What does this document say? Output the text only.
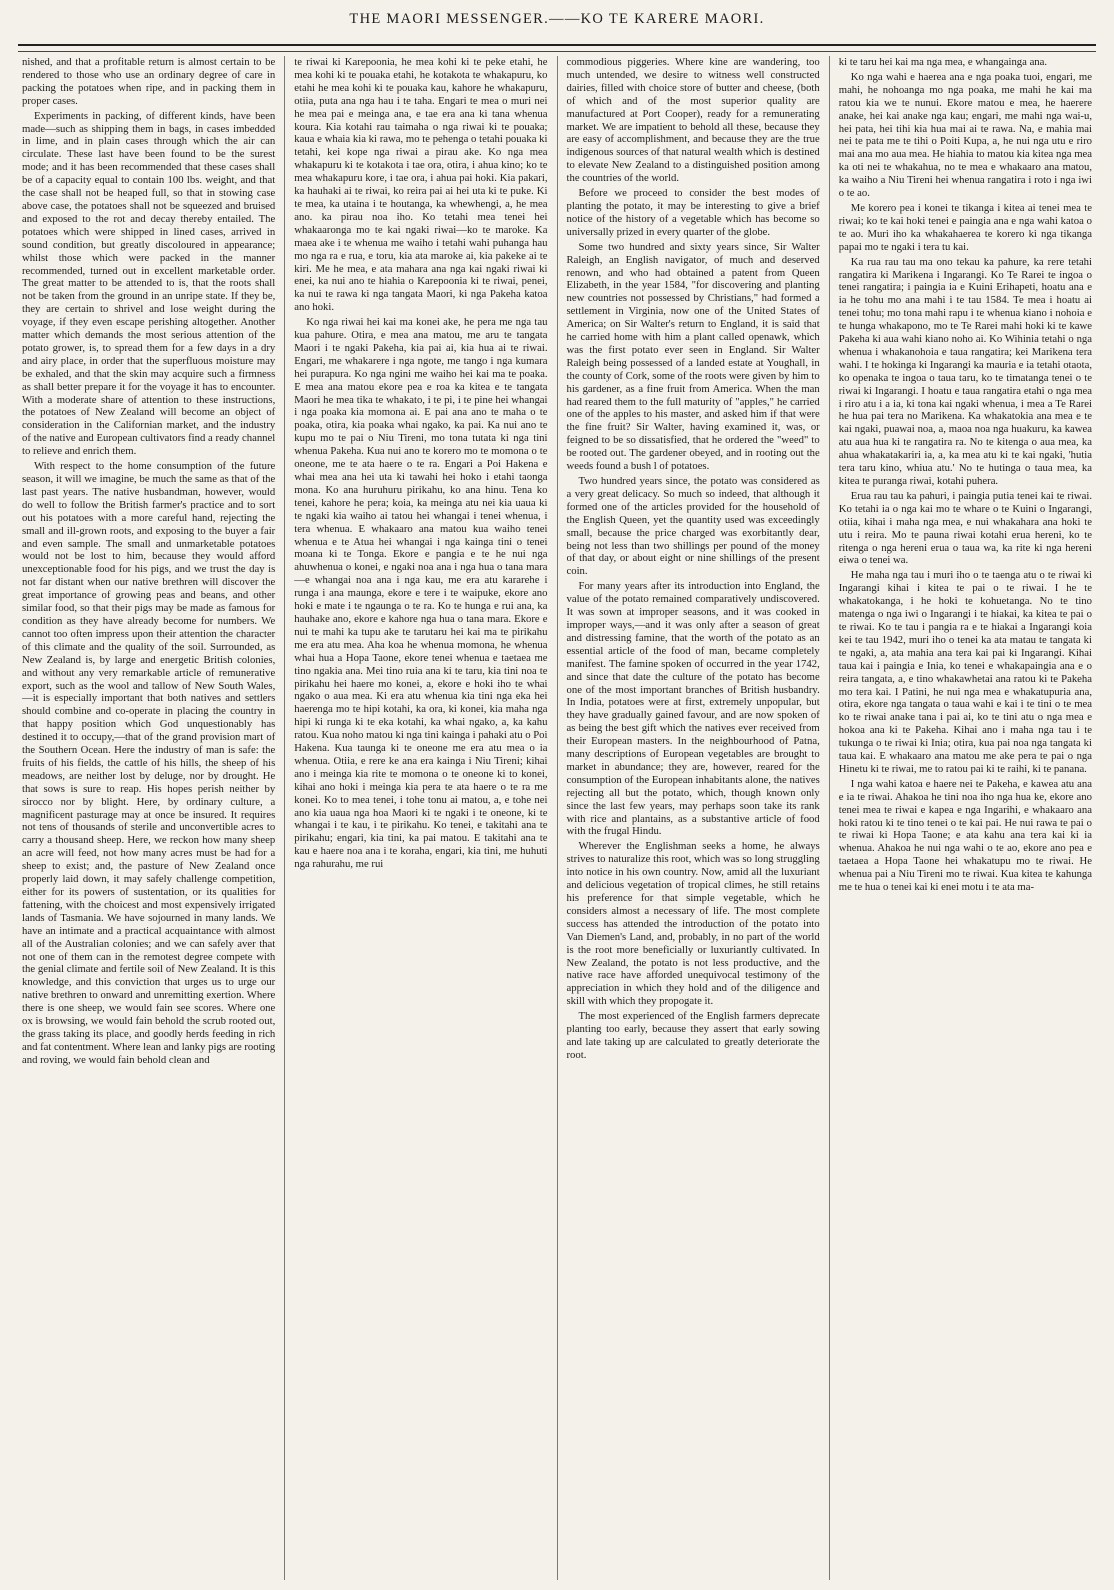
THE MAORI MESSENGER.——KO TE KARERE MAORI.

nished, and that a profitable return is almost certain to be rendered to those who use an ordinary degree of care in packing the potatoes when ripe, and in packing them in proper cases.

Experiments in packing, of different kinds, have been made—such as shipping them in bags, in cases imbedded in lime, and in plain cases through which the air can circulate. These last have been found to be the surest mode; and it has been recommended that these cases shall be of a capacity equal to contain 100 lbs. weight, and that the case shall not be heaped full, so that in stowing case above case, the potatoes shall not be squeezed and bruised and exposed to the rot and decay thereby entailed. The potatoes which were shipped in lined cases, arrived in sound condition, but greatly discoloured in appearance; whilst those which were packed in the manner recommended, turned out in excellent marketable order. The great matter to be attended to is, that the roots shall not be taken from the ground in an unripe state. If they be, they are certain to shrivel and lose weight during the voyage, if they even escape perishing altogether. Another matter which demands the most serious attention of the potato grower, is, to spread them for a few days in a dry and airy place, in order that the superfluous moisture may be exhaled, and that the skin may acquire such a firmness as shall better prepare it for the voyage it has to encounter. With a moderate share of attention to these instructions, the potatoes of New Zealand will become an object of consideration in the Californian market, and the industry of the native and European cultivators find a ready channel to relieve and enrich them.

With respect to the home consumption of the future season, it will we imagine, be much the same as that of the last past years. The native husbandman, however, would do well to follow the British farmer's practice and to sort out his potatoes with a more careful hand, rejecting the small and ill-grown roots, and exposing to the buyer a fair and even sample. The small and unmarketable potatoes would not be lost to him, because they would afford unexceptionable food for his pigs, and we trust the day is not far distant when our native brethren will discover the great importance of growing peas and beans, and other similar food, so that their pigs may be made as famous for condition as they have already become for numbers. We cannot too often impress upon their attention the character of this climate and the quality of the soil. Surrounded, as New Zealand is, by large and energetic British colonies, and without any very remarkable article of remunerative export, such as the wool and tallow of New South Wales,—it is especially important that both natives and settlers should combine and co-operate in placing the country in that happy position which God unquestionably has destined it to occupy,—that of the grand provision mart of the Southern Ocean. Here the industry of man is safe: the fruits of his fields, the cattle of his hills, the sheep of his meadows, are neither lost by deluge, nor by drought. He that sows is sure to reap. His hopes perish neither by sirocco nor by blight. Here, by ordinary culture, a magnificent pasturage may at once be insured. It requires not tens of thousands of sterile and unconvertible acres to carry a thousand sheep. Here, we reckon how many sheep an acre will feed, not how many acres must be had for a sheep to exist; and, the pasture of New Zealand once properly laid down, it may safely challenge competition, either for its powers of sustentation, or its qualities for fattening, with the choicest and most expensively irrigated lands of Tasmania. We have sojourned in many lands. We have an intimate and a practical acquaintance with almost all of the Australian colonies; and we can safely aver that not one of them can in the remotest degree compete with the genial climate and fertile soil of New Zealand. It is this knowledge, and this conviction that urges us to urge our native brethren to onward and unremitting exertion. Where there is one sheep, we would fain see scores. Where one ox is browsing, we would fain behold the scrub rooted out, the grass taking its place, and goodly herds feeding in rich and fat contentment. Where lean and lanky pigs are rooting and roving, we would fain behold clean and

te riwai ki Karepoonia, he mea kohi ki te peke etahi, he mea kohi ki te pouaka etahi, he kotakota te whakapuru, ko etahi he mea kohi ki te pouaka kau, kahore he whakapuru, otiia, puta ana nga hau i te taha. Engari te mea o muri nei he mea pai e meinga ana, e tae era ana ki tana whenua koura. Kia kotahi rau taimaha o nga riwai ki te pouaka; kaua e whaia kia ki rawa, mo te pehenga o tetahi pouaka ki tetahi, kei kope nga riwai a pirau ake. Ko nga mea whakapuru ki te kotakota i tae ora, otira, i ahua kino; ko te mea whakapuru kore, i tae ora, i ahua pai hoki. Kia pakari, ka hauhaki ai te riwai, ko reira pai ai hei uta ki te puke. Ki te mea, ka utaina i te houtanga, ka whewhengi, a, he mea ano. ka pirau noa iho. Ko tetahi mea tenei hei whakaaronga mo te kai ngaki riwai—ko te maroke. Ka maea ake i te whenua me waiho i tetahi wahi puhanga hau mo nga ra e rua, e toru, kia ata maroke ai, kia pakeke ai te kiri. Me he mea, e ata mahara ana nga kai ngaki riwai ki enei, ka nui ano te hiahia o Karepoonia ki te riwai, penei, ka nui te rawa ki nga tangata Maori, ki nga Pakeha katoa ano hoki.

Ko nga riwai hei kai ma konei ake, he pera me nga tau kua pahure. Otira, e mea ana matou, me aru te tangata Maori i te ngaki Pakeha, kia pai ai, kia hua ai te riwai. Engari, me whakarere i nga ngote, me tango i nga kumara hei purapura. Ko nga ngini me waiho hei kai ma te poaka. E mea ana matou ekore pea e roa ka kitea e te tangata Maori he mea tika te whakato, i te pi, i te pine hei whangai i nga poaka kia momona ai. E pai ana ano te maha o te poaka, otira, kia poaka whai ngako, ka pai. Ka nui ano te kupu mo te pai o Niu Tireni, mo tona tutata ki nga tini whenua Pakeha. Kua nui ano te korero mo te momona o te oneone, me te ata haere o te ra. Engari a Poi Hakena e whai mea ana hei uta ki tawahi hei hoko i etahi taonga mona. Ko ana huruhuru pirikahu, ko ana hinu. Tena ko tenei, kahore he pera; koia, ka meinga atu nei kia uaua ki te ngaki kia waiho ai tatou hei whangai i tenei whenua, i tera whenua. E whakaaro ana matou kua waiho tenei whenua e te Atua hei whangai i nga kainga tini o tenei moana ki te Tonga. Ekore e pangia e te he nui nga ahuwhenua o konei, e ngaki noa ana i nga hua o tana mara—e whangai noa ana i nga kau, me era atu kararehe i runga i ana maunga, ekore e tere i te waipuke, ekore ano hoki e mate i te ngaunga o te ra. Ko te hunga e rui ana, ka hauhake ano, ekore e kahore nga hua o tana mara. Ekore e nui te mahi ka tupu ake te tarutaru hei kai ma te pirikahu me era atu mea. Aha koa he whenua momona, he whenua whai hua a Hopa Taone, ekore tenei whenua e taetaea me tino ngakia ana. Mei tino ruia ana ki te taru, kia tini noa te pirikahu hei haere mo konei, a, ekore e hoki iho te whai ngako o aua mea. Ki era atu whenua kia tini nga eka hei haerenga mo te hipi kotahi, ka ora, ki konei, kia maha nga hipi ki runga ki te eka kotahi, ka whai ngako, a, ka kahu ratou. Kua noho matou ki nga tini kainga i pahaki atu o Poi Hakena. Kua taunga ki te oneone me era atu mea o ia whenua. Otiia, e rere ke ana era kainga i Niu Tireni; kihai ano i meinga kia rite te momona o te oneone ki to konei, kihai ano hoki i meinga kia pera te ata haere o te ra me konei. Ko to mea tenei, i tohe tonu ai matou, a, e tohe nei ano kia uaua nga hoa Maori ki te ngaki i te oneone, ki te whangai i te kau, i te pirikahu. Ko tenei, e takitahi ana te pirikahu; engari, kia tini, ka pai matou. E takitahi ana te kau e haere noa ana i te koraha, engari, kia tini, me huhuti nga rahurahu, me rui

commodious piggeries. Where kine are wandering, too much untended, we desire to witness well constructed dairies, filled with choice store of butter and cheese, (both of which and of the most superior quality are manufactured at Port Cooper), ready for a remunerating market. We are impatient to behold all these, because they are easy of accomplishment, and because they are the true indigenous sources of that natural wealth which is destined to elevate New Zealand to a distinguished position among the countries of the world.

Before we proceed to consider the best modes of planting the potato, it may be interesting to give a brief notice of the history of a vegetable which has become so universally prized in every quarter of the globe.

Some two hundred and sixty years since, Sir Walter Raleigh, an English navigator, of much and deserved renown, and who had obtained a patent from Queen Elizabeth, in the year 1584, "for discovering and planting new countries not possessed by Christians," had formed a settlement in Virginia, now one of the United States of America; on Sir Walter's return to England, it is said that he carried home with him a plant called openawk, which was the first potato ever seen in England. Sir Walter Raleigh being possessed of a landed estate at Youghall, in the county of Cork, some of the roots were given by him to his gardener, as a fine fruit from America. When the man had reared them to the full maturity of "apples," he carried one of the apples to his master, and asked him if that were the fine fruit? Sir Walter, having examined it, was, or feigned to be so dissatisfied, that he ordered the "weed" to be rooted out. The gardener obeyed, and in rooting out the weeds found a bush l of potatoes.

Two hundred years since, the potato was considered as a very great delicacy. So much so indeed, that although it formed one of the articles provided for the household of the English Queen, yet the quantity used was exceedingly small, because the price charged was exorbitantly dear, being not less than two shillings per pound of the money of that day, or about eight or nine shillings of the present coin.

For many years after its introduction into England, the value of the potato remained comparatively undiscovered. It was sown at improper seasons, and it was cooked in improper ways,—and it was only after a season of great and distressing famine, that the worth of the potato as an essential article of the food of man, became completely manifest. The famine spoken of occurred in the year 1742, and since that date the culture of the potato has become one of the most important branches of British husbandry. In India, potatoes were at first, extremely unpopular, but they have gradually gained favour, and are now spoken of as being the best gift which the natives ever received from their European masters. In the neighbourhood of Patna, many descriptions of European vegetables are brought to market in abundance; they are, however, reared for the consumption of the European inhabitants alone, the natives rejecting all but the potato, which, though known only since the last few years, may perhaps soon take its rank with rice and plantains, as a substantive article of food with the frugal Hindu.

Wherever the Englishman seeks a home, he always strives to naturalize this root, which was so long struggling into notice in his own country. Now, amid all the luxuriant and delicious vegetation of tropical climes, he still retains his preference for that simple vegetable, which he considers almost a necessary of life. The most complete success has attended the introduction of the potato into Van Diemen's Land, and, probably, in no part of the world is the root more beneficially or luxuriantly cultivated. In New Zealand, the potato is not less productive, and the native race have afforded unequivocal testimony of the appreciation in which they hold and of the diligence and skill with which they propogate it.

The most experienced of the English farmers deprecate planting too early, because they assert that early sowing and late taking up are calculated to greatly deteriorate the root.

ki te taru hei kai ma nga mea, e whangainga ana.

Ko nga wahi e haerea ana e nga poaka tuoi, engari, me mahi, he nohoanga mo nga poaka, me mahi he kai ma ratou kia we te nunui. Ekore matou e mea, he haerere anake, hei kai anake nga kau; engari, me mahi nga wai-u, hei pata, hei tihi kia hua mai ai te rawa. Na, e mahia mai nei te pata me te tihi o Poiti Kupa, a, he nui nga utu e riro mai ana mo aua mea. He hiahia to matou kia kitea nga mea ka oti nei te whakahua, no te mea e whakaaro ana matou, ka waiho a Niu Tireni hei whenua rangatira i roto i nga iwi o te ao.

Me korero pea i konei te tikanga i kitea ai tenei mea te riwai; ko te kai hoki tenei e paingia ana e nga wahi katoa o te ao. Muri iho ka whakahaerea te korero ki nga tikanga papai mo te ngaki i tera tu kai.

Ka rua rau tau ma ono tekau ka pahure, ka rere tetahi rangatira ki Marikena i Ingarangi. Ko Te Rarei te ingoa o tenei rangatira; i paingia ia e Kuini Erihapeti, hoatu ana e ia he tohu mo ana mahi i te tau 1584. Te mea i hoatu ai tenei tohu; mo tona mahi rapu i te whenua kiano i nohoia e te hunga whakapono, mo te Te Rarei mahi hoki ki te kawe Pakeha ki aua wahi kiano noho ai. Ko Wihinia tetahi o nga whenua i whakanohoia e taua rangatira; kei Marikena tera wahi. I te hokinga ki Ingarangi ka mauria e ia tetahi otaota, ko openaka te ingoa o taua taru, ko te timatanga tenei o te riwai ki Ingarangi. I hoatu e taua rangatira etahi o nga mea i riro atu i a ia, ki tona kai ngaki whenua, i mea a Te Rarei he hua pai tera no Marikena. Ka whakatokia ana mea e te kai ngaki, puawai noa, a, maoa noa nga huakuru, ka kawea atu aua hua ki te rangatira ra. No te kitenga o aua mea, ka ahua whakatakariri ia, a, ka mea atu ki te kai ngaki, 'hutia tera taru kino, whiua atu.' No te hutinga o taua mea, ka kitea te puranga riwai, kotahi puhera.

Erua rau tau ka pahuri, i paingia putia tenei kai te riwai. Ko tetahi ia o nga kai mo te whare o te Kuini o Ingarangi, otiia, kihai i maha nga mea, e nui whakahara ana hoki te utu i reira. Mo te pauna riwai kotahi erua hereni, ko te ritenga o nga hereni erua o taua wa, ka rite ki nga hereni eiwa o tenei wa.

He maha nga tau i muri iho o te taenga atu o te riwai ki Ingarangi kihai i kitea te pai o te riwai. I he te whakatokanga, i he hoki te kohuetanga. No te tino matenga o nga iwi o Ingarangi i te hiakai, ka kitea te pai o te riwai. Ko te tau i pangia ra e te hiakai a Ingarangi koia kei te tau 1942, muri iho o tenei ka ata matau te tangata ki te ngaki, a, ata mahia ana tera kai pai ki Ingarangi. Kihai taua kai i paingia e Inia, ko tenei e whakapaingia ana e o reira tangata, a, e tino whakawhetai ana ratou ki te Pakeha mo tera kai. I Patini, he nui nga mea e whakatupuria ana, otira, ekore nga tangata o taua wahi e kai i te tini o te mea ko te riwai anake tana i pai ai, ko te tini atu o nga mea e hokoa ana ki te Pakeha. Kihai ano i maha nga tau i te tukunga o te riwai ki Inia; otira, kua pai noa nga tangata ki taua kai. E whakaaro ana matou me ake pera te pai o nga Hinetu ki te riwai, me to ratou pai ki te raihi, ki te panana.

I nga wahi katoa e haere nei te Pakeha, e kawea atu ana e ia te riwai. Ahakoa he tini noa iho nga hua ke, ekore ano tenei mea te riwai e kapea e nga Ingarihi, e whakaaro ana hoki ratou ki te tino tenei o te kai pai. He nui rawa te pai o te riwai ki Hopa Taone; e ata kahu ana tera kai ki ia whenua. Ahakoa he nui nga wahi o te ao, ekore ano pea e taetaea a Hopa Taone hei whakatupu mo te riwai. He whenua pai a Niu Tireni mo te riwai. Kua kitea te kahunga me te hua o tenei kai ki enei motu i te ata ma-
